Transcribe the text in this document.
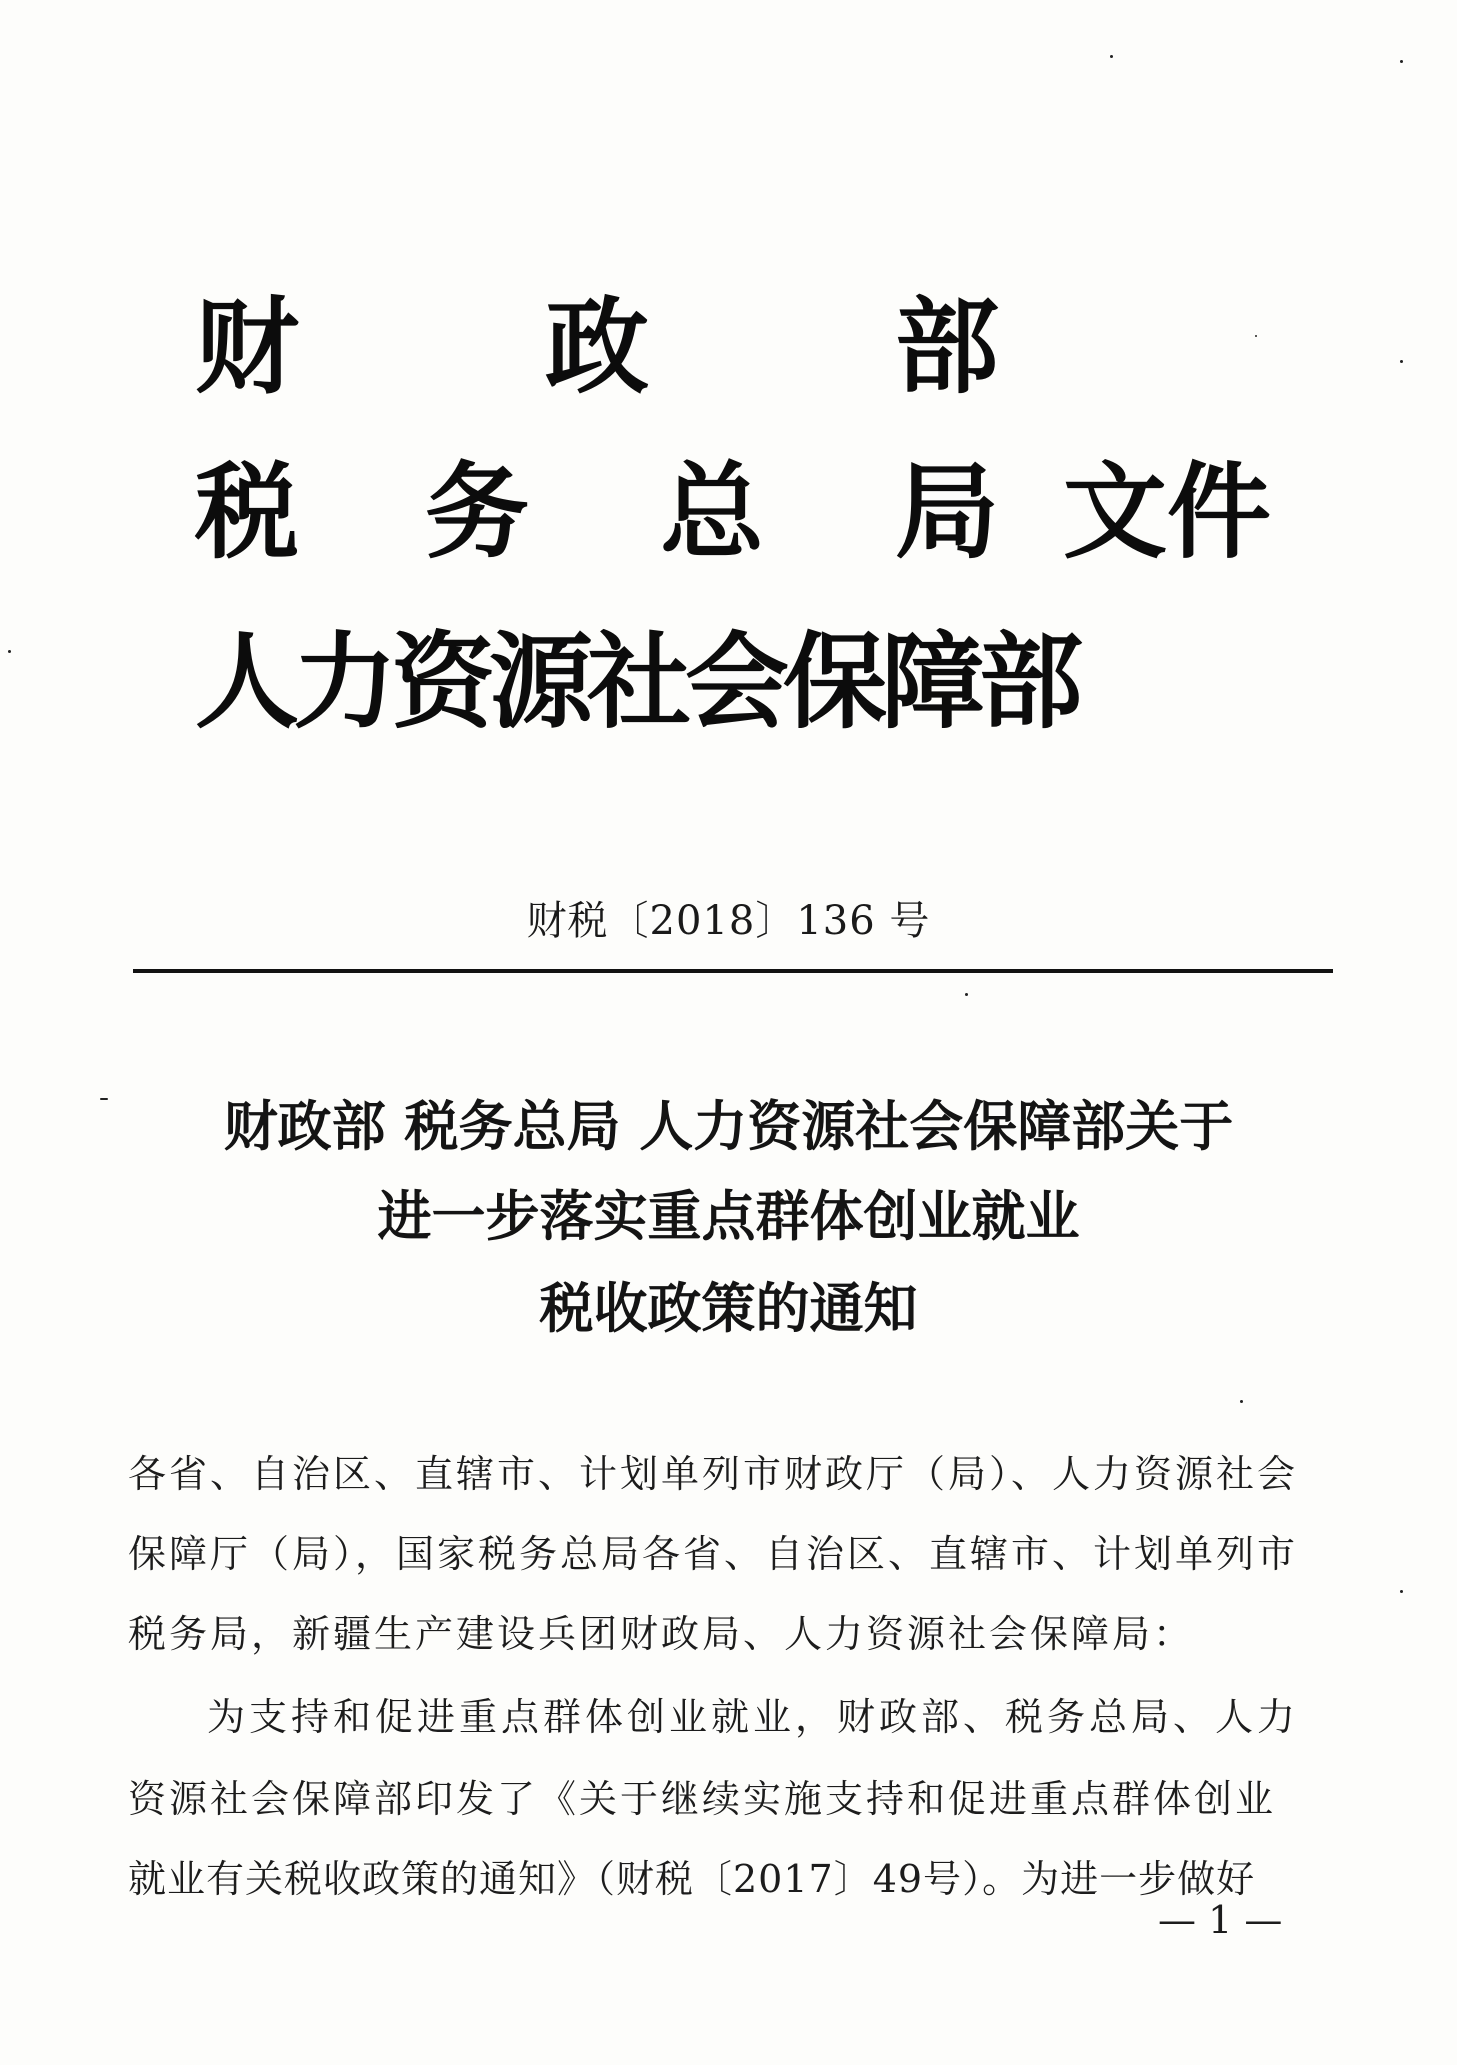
财 政 部
税 务 总 局 文件
人力资源社会保障部
财税〔2018〕136 号
财政部 税务总局 人力资源社会保障部关于
进一步落实重点群体创业就业
税收政策的通知
各省、自治区、直辖市、计划单列市财政厅（局）、人力资源社会
保障厅（局），国家税务总局各省、自治区、直辖市、计划单列市
税务局，新疆生产建设兵团财政局、人力资源社会保障局：
为支持和促进重点群体创业就业，财政部、税务总局、人力
资源社会保障部印发了《关于继续实施支持和促进重点群体创业
就业有关税收政策的通知》（财税〔2017〕49号）。为进一步做好
— 1 —
